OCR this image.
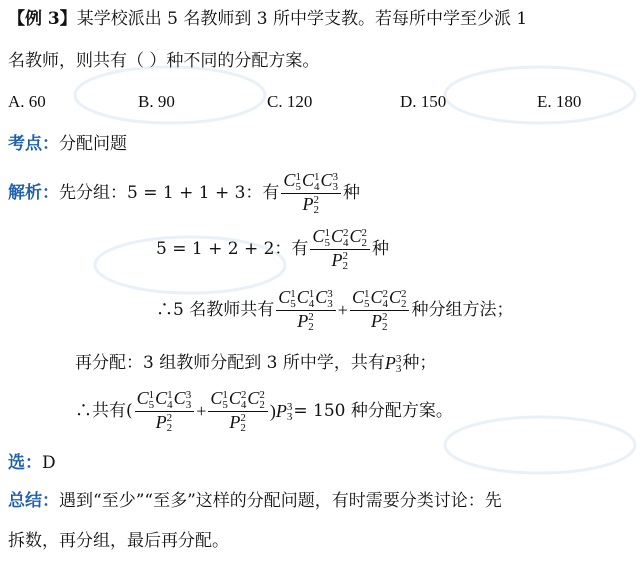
【例 3】某学校派出 5 名教师到 3 所中学支教。若每所中学至少派 1
名教师，则共有（ ）种不同的分配方案。
A. 60	B. 90	C. 120	D. 150	E. 180
考点：分配问题
解析： 先分组：5 = 1 + 1 + 3：有 C 1
5 C 1
4 C 3
3
P 2
2 种
5 = 1 + 2 + 2：有 C 1
5 C 2
4 C 2
2
P 2
2 种
∴5 名教师共有 C 1
5 C 1
4 C 3
3
P 2
2 + C 1
5 C 2
4 C 2
2
P 2
2 种分组方法；
再分配：3 组教师分配到 3 所中学，共有 P 3
3 种；
∴共有( C 1
5 C 1
4 C 3
3
P 2
2 + C 1
5 C 2
4 C 2
2
P 2
2 )P 3
3 = 150 种分配方案。
选：D
总结：遇到“至少”“至多”这样的分配问题，有时需要分类讨论：先
拆数，再分组，最后再分配。
